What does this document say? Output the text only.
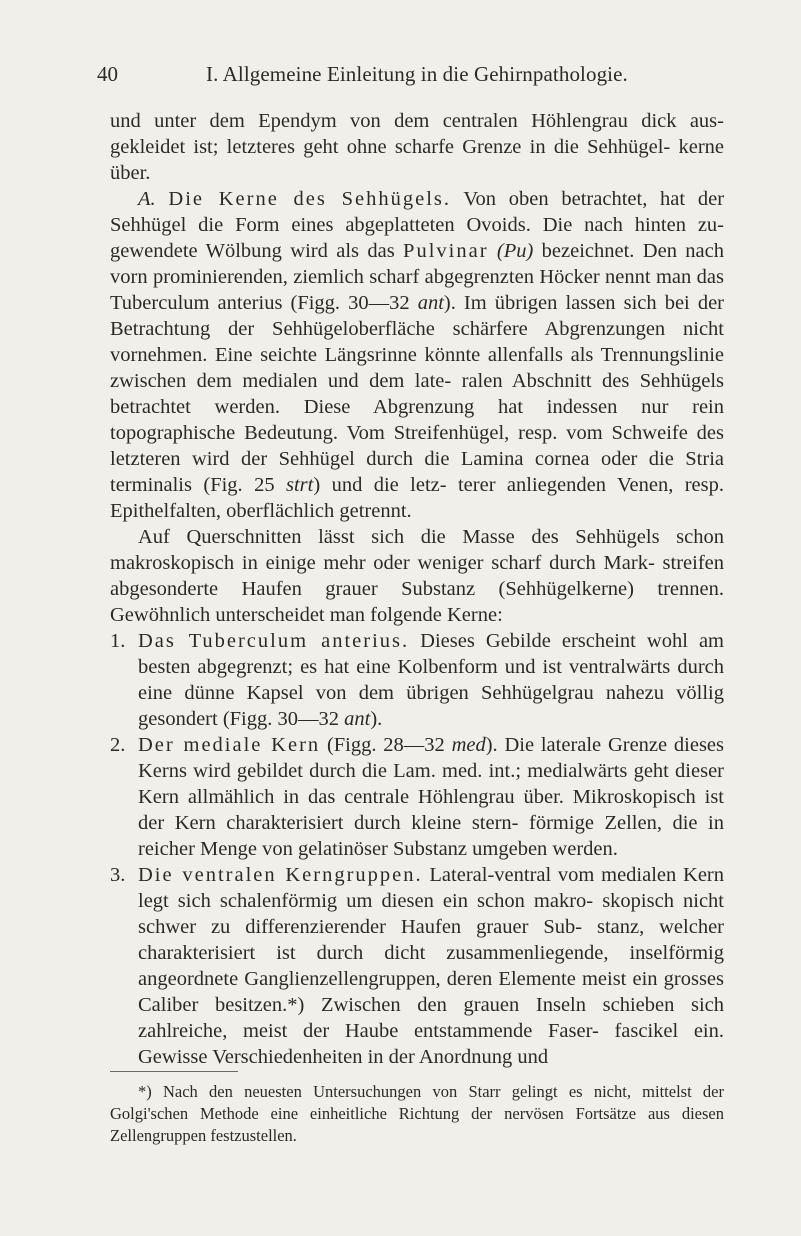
40	I. Allgemeine Einleitung in die Gehirnpathologie.

und unter dem Ependym von dem centralen Höhlengrau dick aus- gekleidet ist; letzteres geht ohne scharfe Grenze in die Sehhügel- kerne über.

A. Die Kerne des Sehhügels. Von oben betrachtet, hat der Sehhügel die Form eines abgeplatteten Ovoids. Die nach hinten zu- gewendete Wölbung wird als das Pulvinar (Pu) bezeichnet. Den nach vorn prominierenden, ziemlich scharf abgegrenzten Höcker nennt man das Tuberculum anterius (Figg. 30—32 ant). Im übrigen lassen sich bei der Betrachtung der Sehhügeloberfläche schärfere Abgrenzungen nicht vornehmen. Eine seichte Längsrinne könnte allenfalls als Trennungslinie zwischen dem medialen und dem late- ralen Abschnitt des Sehhügels betrachtet werden. Diese Abgrenzung hat indessen nur rein topographische Bedeutung. Vom Streifenhügel, resp. vom Schweife des letzteren wird der Sehhügel durch die Lamina cornea oder die Stria terminalis (Fig. 25 strt) und die letz- terer anliegenden Venen, resp. Epithelfalten, oberflächlich getrennt.

Auf Querschnitten lässt sich die Masse des Sehhügels schon makroskopisch in einige mehr oder weniger scharf durch Mark- streifen abgesonderte Haufen grauer Substanz (Sehhügelkerne) trennen. Gewöhnlich unterscheidet man folgende Kerne:

1. Das Tuberculum anterius. Dieses Gebilde erscheint wohl am besten abgegrenzt; es hat eine Kolbenform und ist ventralwärts durch eine dünne Kapsel von dem übrigen Sehhügelgrau nahezu völlig gesondert (Figg. 30—32 ant).
2. Der mediale Kern (Figg. 28—32 med). Die laterale Grenze dieses Kerns wird gebildet durch die Lam. med. int.; medialwärts geht dieser Kern allmählich in das centrale Höhlengrau über. Mikroskopisch ist der Kern charakterisiert durch kleine stern- förmige Zellen, die in reicher Menge von gelatinöser Substanz umgeben werden.
3. Die ventralen Kerngruppen. Lateral-ventral vom medialen Kern legt sich schalenförmig um diesen ein schon makro- skopisch nicht schwer zu differenzierender Haufen grauer Sub- stanz, welcher charakterisiert ist durch dicht zusammenliegende, inselförmig angeordnete Ganglienzellengruppen, deren Elemente meist ein grosses Caliber besitzen.*) Zwischen den grauen Inseln schieben sich zahlreiche, meist der Haube entstammende Faser- fascikel ein. Gewisse Verschiedenheiten in der Anordnung und

*) Nach den neuesten Untersuchungen von Starr gelingt es nicht, mittelst der Golgi'schen Methode eine einheitliche Richtung der nervösen Fortsätze aus diesen Zellengruppen festzustellen.
